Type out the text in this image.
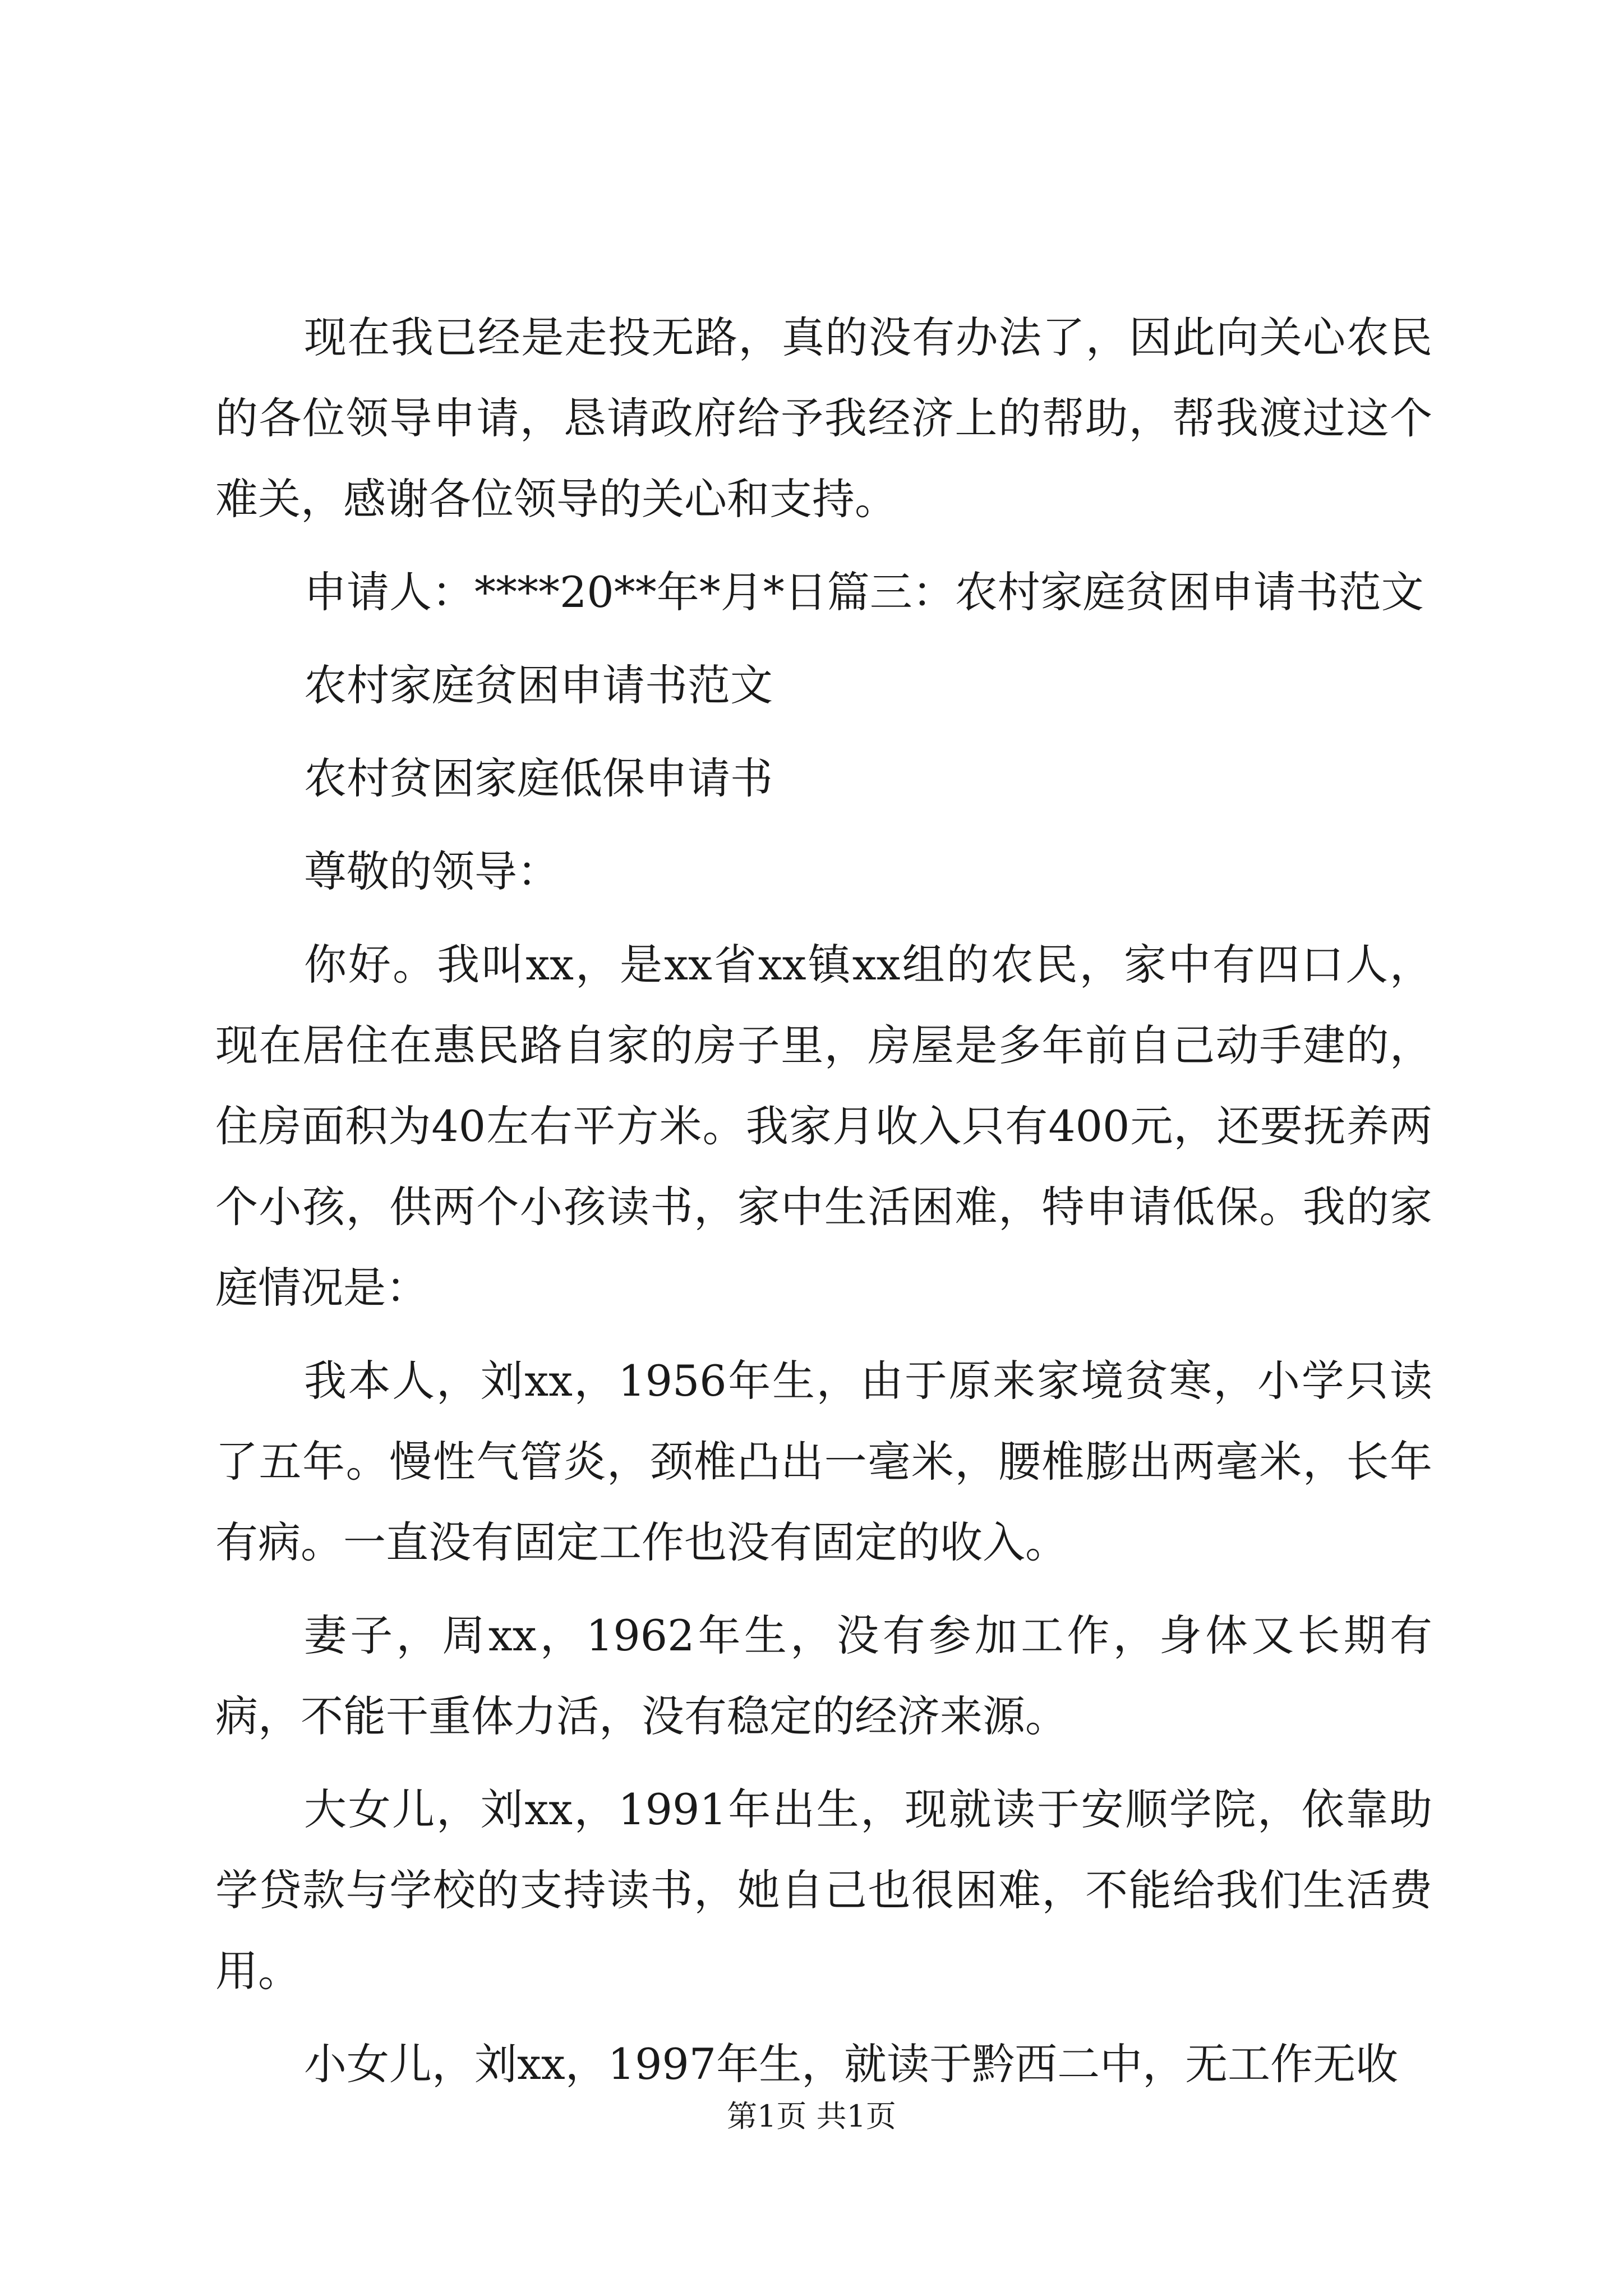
现在我已经是走投无路，真的没有办法了，因此向关心农民的各位领导申请，恳请政府给予我经济上的帮助，帮我渡过这个难关，感谢各位领导的关心和支持。

申请人：****20**年*月*日篇三：农村家庭贫困申请书范文

农村家庭贫困申请书范文

农村贫困家庭低保申请书

尊敬的领导：

你好。我叫xx，是xx省xx镇xx组的农民，家中有四口人，现在居住在惠民路自家的房子里，房屋是多年前自己动手建的，住房面积为40左右平方米。我家月收入只有400元，还要抚养两个小孩，供两个小孩读书，家中生活困难，特申请低保。我的家庭情况是：

我本人，刘xx，1956年生，由于原来家境贫寒，小学只读了五年。慢性气管炎，颈椎凸出一毫米，腰椎膨出两毫米，长年有病。一直没有固定工作也没有固定的收入。

妻子，周xx，1962年生，没有参加工作，身体又长期有病，不能干重体力活，没有稳定的经济来源。

大女儿，刘xx，1991年出生，现就读于安顺学院，依靠助学贷款与学校的支持读书，她自己也很困难，不能给我们生活费用。

小女儿，刘xx，1997年生，就读于黔西二中，无工作无收

第1页 共1页
